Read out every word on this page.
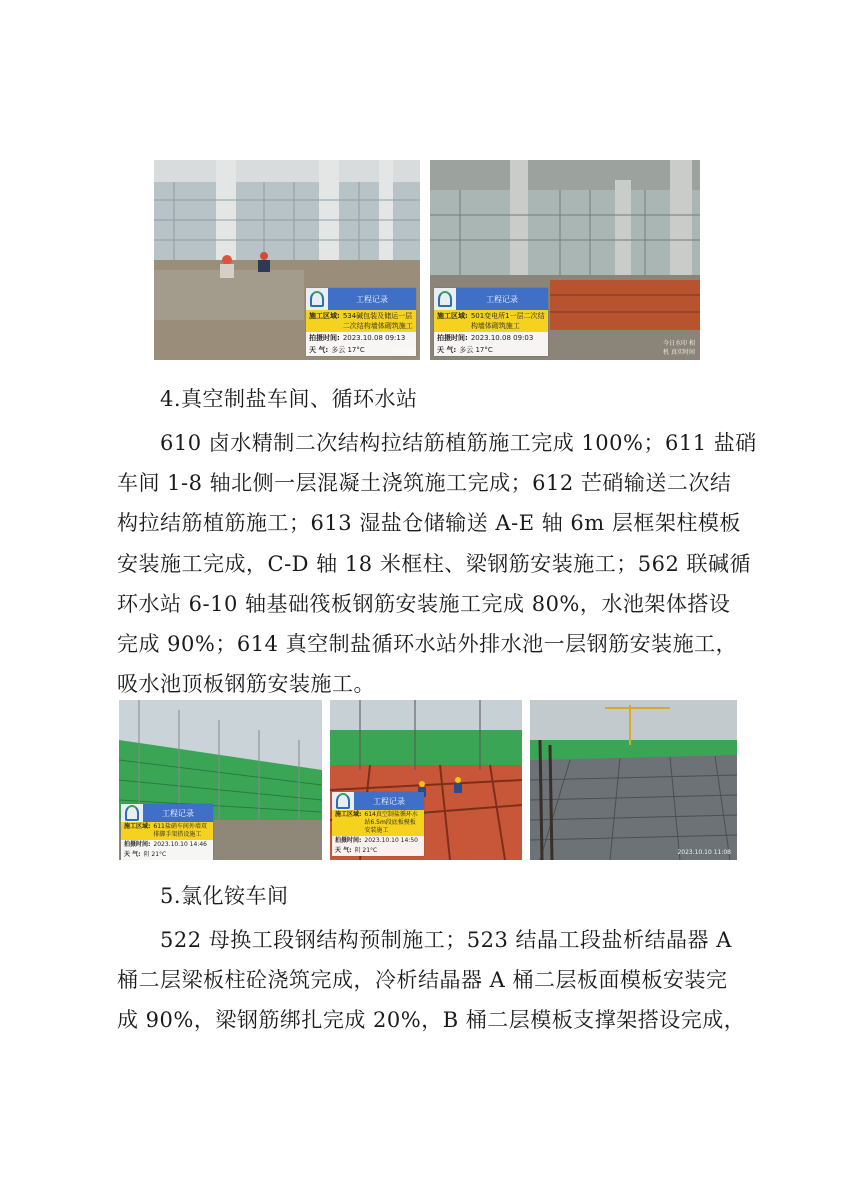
工程记录
施工区域: 534碱包装及储运一层二次结构墙体砌筑施工
拍摄时间: 2023.10.08 09:13
天 气: 多云 17°C	真实时间
工程记录
施工区域: 501变电所1一层二次结构墙体砌筑施工
拍摄时间: 2023.10.08 09:03
天 气: 多云 17°C
今日水印 相机 真实时间
4.真空制盐车间、循环水站
610 卤水精制二次结构拉结筋植筋施工完成 100%；611 盐硝
车间 1-8 轴北侧一层混凝土浇筑施工完成；612 芒硝输送二次结
构拉结筋植筋施工；613 湿盐仓储输送 A-E 轴 6m 层框架柱模板
安装施工完成，C-D 轴 18 米框柱、梁钢筋安装施工；562 联碱循
环水站 6-10 轴基础筏板钢筋安装施工完成 80%，水池架体搭设
完成 90%；614 真空制盐循环水站外排水池一层钢筋安装施工，
吸水池顶板钢筋安装施工。
工程记录
施工区域: 611盐硝车间外墙双排脚手架搭设施工
拍摄时间: 2023.10.10 14:46
天 气: 阴 21°C
工程记录
施工区域: 614真空制盐循环水站6.5m段底板模板安装施工
拍摄时间: 2023.10.10 14:50
天 气: 阴 21°C	2023.10.10 11:08
5.氯化铵车间
522 母换工段钢结构预制施工；523 结晶工段盐析结晶器 A
桶二层梁板柱砼浇筑完成，冷析结晶器 A 桶二层板面模板安装完
成 90%，梁钢筋绑扎完成 20%，B 桶二层模板支撑架搭设完成，
